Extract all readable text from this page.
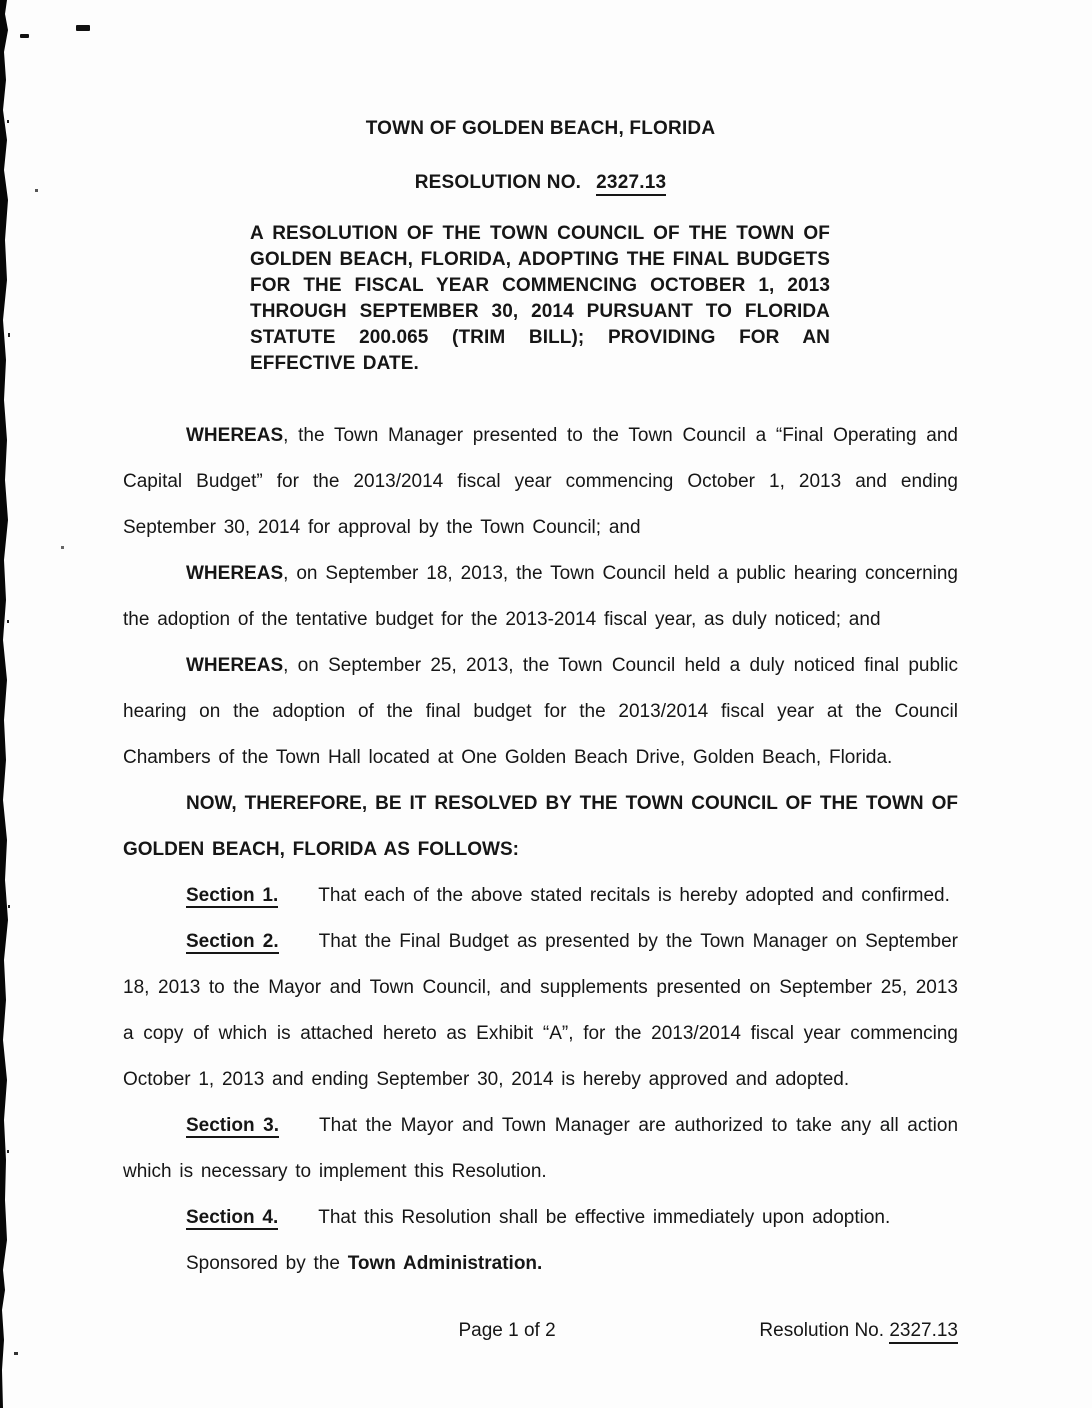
TOWN OF GOLDEN BEACH, FLORIDA
RESOLUTION NO. 2327.13
A RESOLUTION OF THE TOWN COUNCIL OF THE TOWN OF GOLDEN BEACH, FLORIDA, ADOPTING THE FINAL BUDGETS FOR THE FISCAL YEAR COMMENCING OCTOBER 1, 2013 THROUGH SEPTEMBER 30, 2014 PURSUANT TO FLORIDA STATUTE 200.065 (TRIM BILL); PROVIDING FOR AN EFFECTIVE DATE.

WHEREAS, the Town Manager presented to the Town Council a “Final Operating and Capital Budget” for the 2013/2014 fiscal year commencing October 1, 2013 and ending September 30, 2014 for approval by the Town Council; and

WHEREAS, on September 18, 2013, the Town Council held a public hearing concerning the adoption of the tentative budget for the 2013-2014 fiscal year, as duly noticed; and

WHEREAS, on September 25, 2013, the Town Council held a duly noticed final public hearing on the adoption of the final budget for the 2013/2014 fiscal year at the Council Chambers of the Town Hall located at One Golden Beach Drive, Golden Beach, Florida.

NOW, THEREFORE, BE IT RESOLVED BY THE TOWN COUNCIL OF THE TOWN OF GOLDEN BEACH, FLORIDA AS FOLLOWS:

Section 1. That each of the above stated recitals is hereby adopted and confirmed.

Section 2. That the Final Budget as presented by the Town Manager on September 18, 2013 to the Mayor and Town Council, and supplements presented on September 25, 2013 a copy of which is attached hereto as Exhibit “A”, for the 2013/2014 fiscal year commencing October 1, 2013 and ending September 30, 2014 is hereby approved and adopted.

Section 3. That the Mayor and Town Manager are authorized to take any all action which is necessary to implement this Resolution.

Section 4. That this Resolution shall be effective immediately upon adoption.

Sponsored by the Town Administration.

Page 1 of 2	Resolution No. 2327.13
